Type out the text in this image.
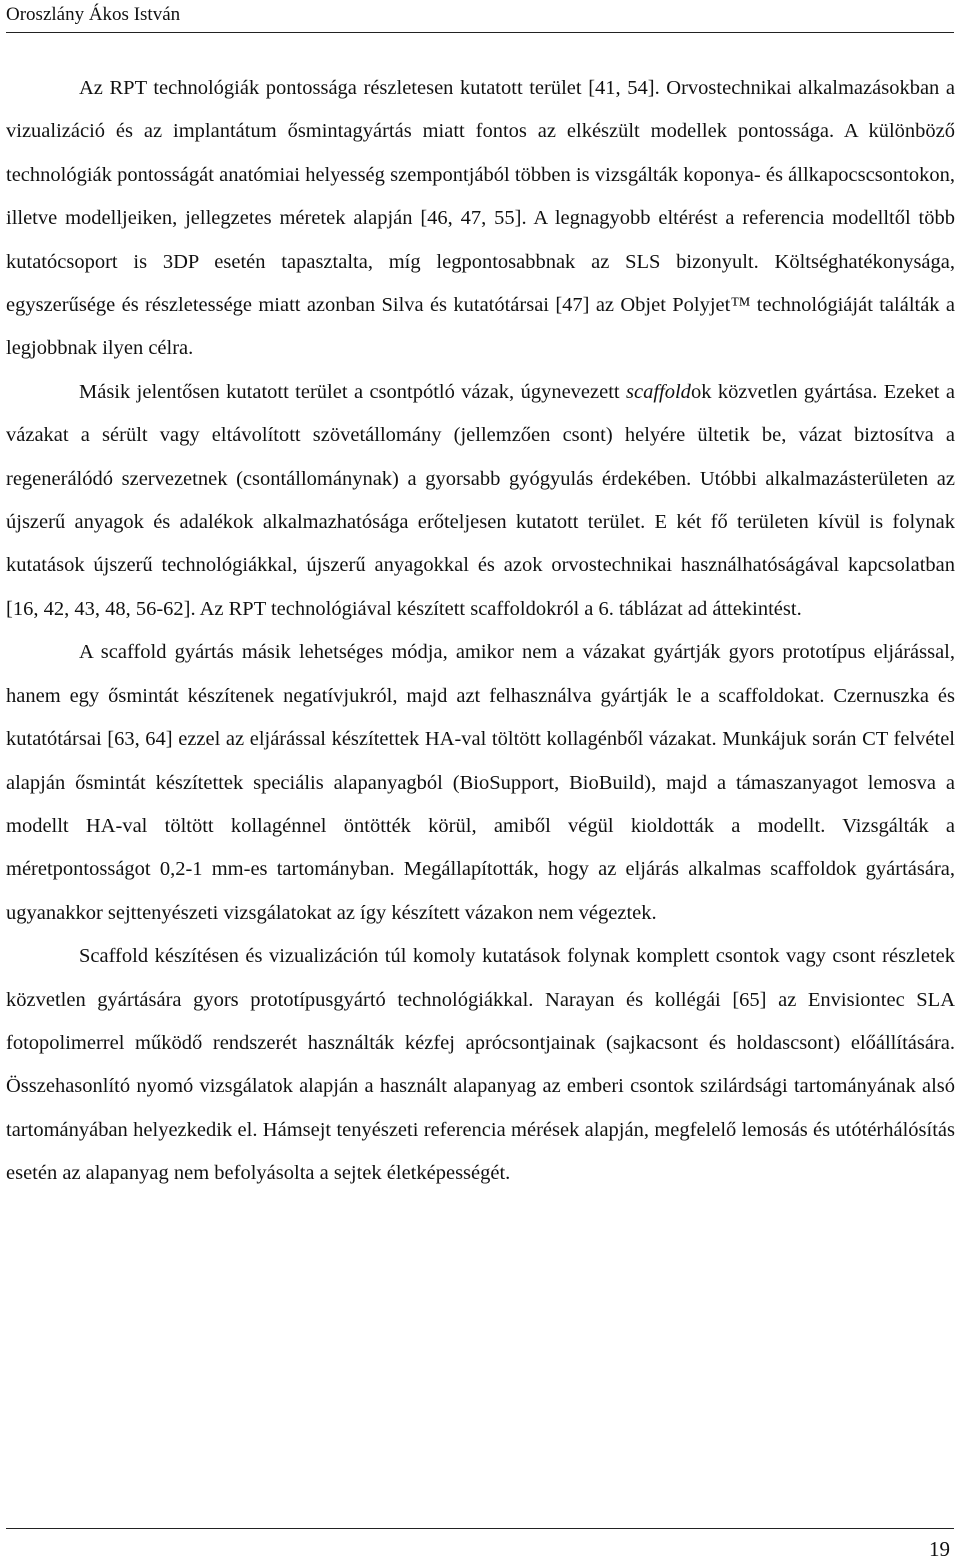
Oroszlány Ákos István

Az RPT technológiák pontossága részletesen kutatott terület [41, 54]. Orvostechnikai alkalmazásokban a vizualizáció és az implantátum ősmintagyártás miatt fontos az elkészült modellek pontossága. A különböző technológiák pontosságát anatómiai helyesség szempontjából többen is vizsgálták koponya- és állkapocscsontokon, illetve modelljeiken, jellegzetes méretek alapján [46, 47, 55]. A legnagyobb eltérést a referencia modelltől több kutatócsoport is 3DP esetén tapasztalta, míg legpontosabbnak az SLS bizonyult. Költséghatékonysága, egyszerűsége és részletessége miatt azonban Silva és kutatótársai [47] az Objet Polyjet™ technológiáját találták a legjobbnak ilyen célra.

Másik jelentősen kutatott terület a csontpótló vázak, úgynevezett scaffoldok közvetlen gyártása. Ezeket a vázakat a sérült vagy eltávolított szövetállomány (jellemzően csont) helyére ültetik be, vázat biztosítva a regenerálódó szervezetnek (csontállománynak) a gyorsabb gyógyulás érdekében. Utóbbi alkalmazásterületen az újszerű anyagok és adalékok alkalmazhatósága erőteljesen kutatott terület. E két fő területen kívül is folynak kutatások újszerű technológiákkal, újszerű anyagokkal és azok orvostechnikai használhatóságával kapcsolatban [16, 42, 43, 48, 56-62]. Az RPT technológiával készített scaffoldokról a 6. táblázat ad áttekintést.

A scaffold gyártás másik lehetséges módja, amikor nem a vázakat gyártják gyors prototípus eljárással, hanem egy ősmintát készítenek negatívjukról, majd azt felhasználva gyártják le a scaffoldokat. Czernuszka és kutatótársai [63, 64] ezzel az eljárással készítettek HA-val töltött kollagénből vázakat. Munkájuk során CT felvétel alapján ősmintát készítettek speciális alapanyagból (BioSupport, BioBuild), majd a támaszanyagot lemosva a modellt HA-val töltött kollagénnel öntötték körül, amiből végül kioldották a modellt. Vizsgálták a méretpontosságot 0,2-1 mm-es tartományban. Megállapították, hogy az eljárás alkalmas scaffoldok gyártására, ugyanakkor sejttenyészeti vizsgálatokat az így készített vázakon nem végeztek.

Scaffold készítésen és vizualizáción túl komoly kutatások folynak komplett csontok vagy csont részletek közvetlen gyártására gyors prototípusgyártó technológiákkal. Narayan és kollégái [65] az Envisiontec SLA fotopolimerrel működő rendszerét használták kézfej aprócsontjainak (sajkacsont és holdascsont) előállítására. Összehasonlító nyomó vizsgálatok alapján a használt alapanyag az emberi csontok szilárdsági tartományának alsó tartományában helyezkedik el. Hámsejt tenyészeti referencia mérések alapján, megfelelő lemosás és utótérhálósítás esetén az alapanyag nem befolyásolta a sejtek életképességét.

19
